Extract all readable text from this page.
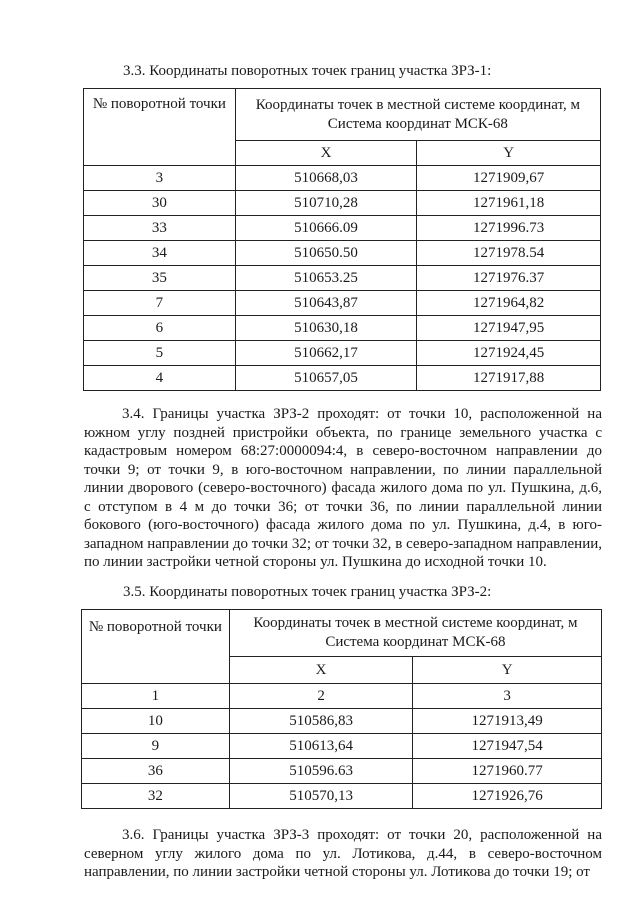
3.3. Координаты поворотных точек границ участка ЗРЗ-1:
№ поворотной точки	Координаты точек в местной системе координат, м Система координат МСК-68	
	X	Y
3	510668,03	1271909,67
30	510710,28	1271961,18
33	510666.09	1271996.73
34	510650.50	1271978.54
35	510653.25	1271976.37
7	510643,87	1271964,82
6	510630,18	1271947,95
5	510662,17	1271924,45
4	510657,05	1271917,88
3.4. Границы участка ЗРЗ-2 проходят: от точки 10, расположенной на южном углу поздней пристройки объекта, по границе земельного участка с кадастровым номером 68:27:0000094:4, в северо-восточном направлении до точки 9; от точки 9, в юго-восточном направлении, по линии параллельной линии дворового (северо-восточного) фасада жилого дома по ул. Пушкина, д.6, с отступом в 4 м до точки 36; от точки 36, по линии параллельной линии бокового (юго-восточного) фасада жилого дома по ул. Пушкина, д.4, в юго-западном направлении до точки 32; от точки 32, в северо-западном направлении, по линии застройки четной стороны ул. Пушкина до исходной точки 10.
3.5. Координаты поворотных точек границ участка ЗРЗ-2:
№ поворотной точки	Координаты точек в местной системе координат, м Система координат МСК-68	
	X	Y
1	2	3
10	510586,83	1271913,49
9	510613,64	1271947,54
36	510596.63	1271960.77
32	510570,13	1271926,76
3.6. Границы участка ЗРЗ-3 проходят: от точки 20, расположенной на северном углу жилого дома по ул. Лотикова, д.44, в северо-восточном направлении, по линии застройки четной стороны ул. Лотикова до точки 19; от
